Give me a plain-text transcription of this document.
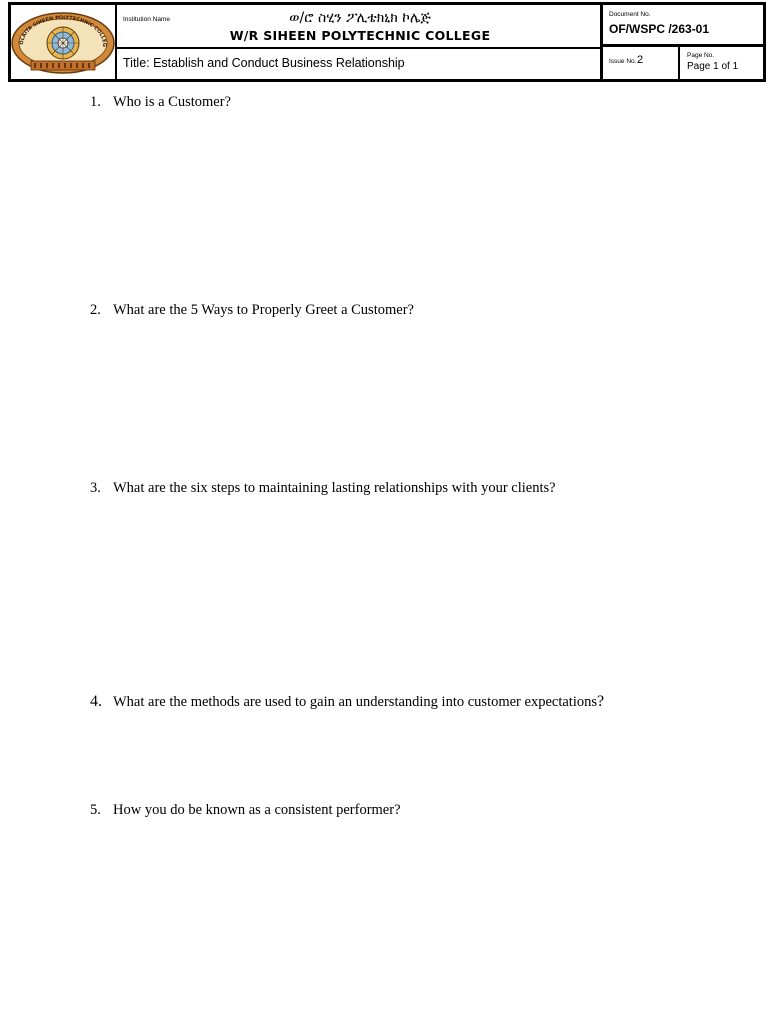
OLAITA SIHEEN POLYTECHNIC COLLEG
Institution Name	ወ/ሮ ስሂን ፖሊቴክኒክ ኮሌጅ
W/R SIHEEN POLYTECHNIC COLLEGE
Title: Establish and Conduct Business Relationship
Document No.
OF/WSPC /263-01
Issue No. 2	Page No.
Page 1 of 1
1. Who is a Customer?
2. What are the 5 Ways to Properly Greet a Customer?
3. What are the six steps to maintaining lasting relationships with your clients?
4. What are the methods are used to gain an understanding into customer expectations?
5. How you do be known as a consistent performer?
